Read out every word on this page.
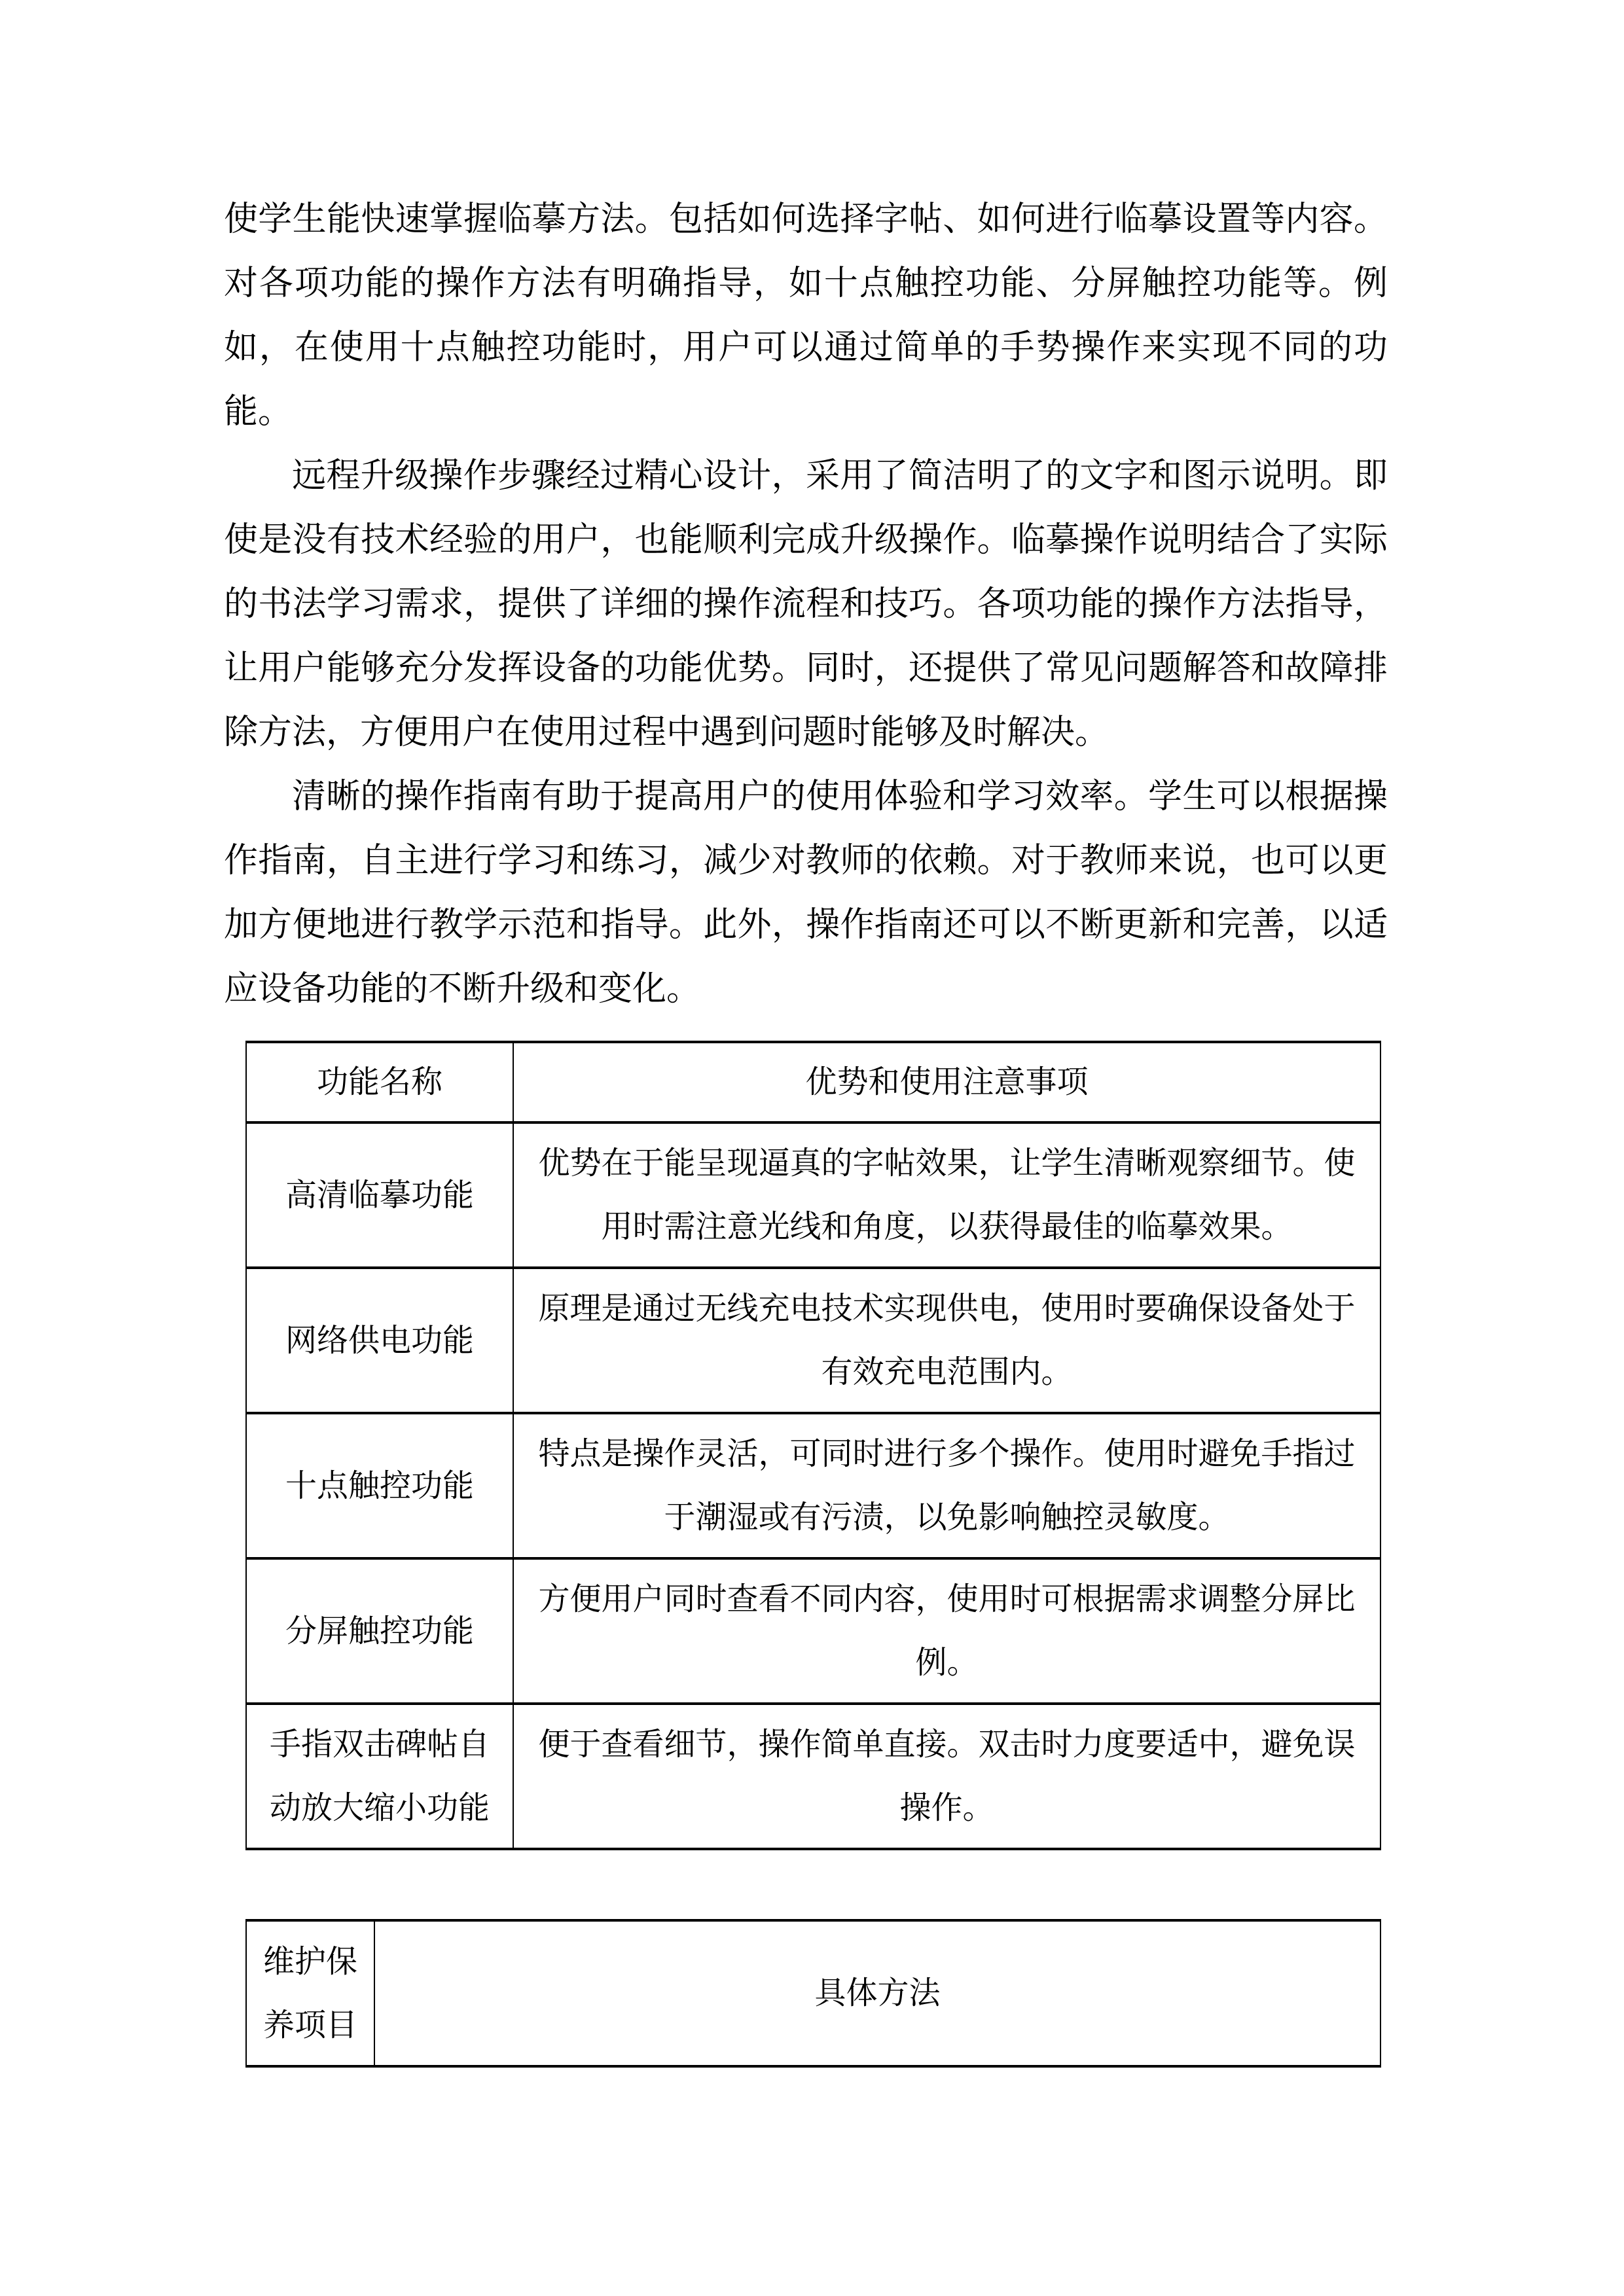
使学生能快速掌握临摹方法。包括如何选择字帖、如何进行临摹设置等内容。对各项功能的操作方法有明确指导，如十点触控功能、分屏触控功能等。例如，在使用十点触控功能时，用户可以通过简单的手势操作来实现不同的功能。

远程升级操作步骤经过精心设计，采用了简洁明了的文字和图示说明。即使是没有技术经验的用户，也能顺利完成升级操作。临摹操作说明结合了实际的书法学习需求，提供了详细的操作流程和技巧。各项功能的操作方法指导，让用户能够充分发挥设备的功能优势。同时，还提供了常见问题解答和故障排除方法，方便用户在使用过程中遇到问题时能够及时解决。

清晰的操作指南有助于提高用户的使用体验和学习效率。学生可以根据操作指南，自主进行学习和练习，减少对教师的依赖。对于教师来说，也可以更加方便地进行教学示范和指导。此外，操作指南还可以不断更新和完善，以适应设备功能的不断升级和变化。

功能名称	优势和使用注意事项
高清临摹功能	优势在于能呈现逼真的字帖效果，让学生清晰观察细节。使用时需注意光线和角度，以获得最佳的临摹效果。
网络供电功能	原理是通过无线充电技术实现供电，使用时要确保设备处于有效充电范围内。
十点触控功能	特点是操作灵活，可同时进行多个操作。使用时避免手指过于潮湿或有污渍，以免影响触控灵敏度。
分屏触控功能	方便用户同时查看不同内容，使用时可根据需求调整分屏比例。
手指双击碑帖自动放大缩小功能	便于查看细节，操作简单直接。双击时力度要适中，避免误操作。
维护保养项目	具体方法
